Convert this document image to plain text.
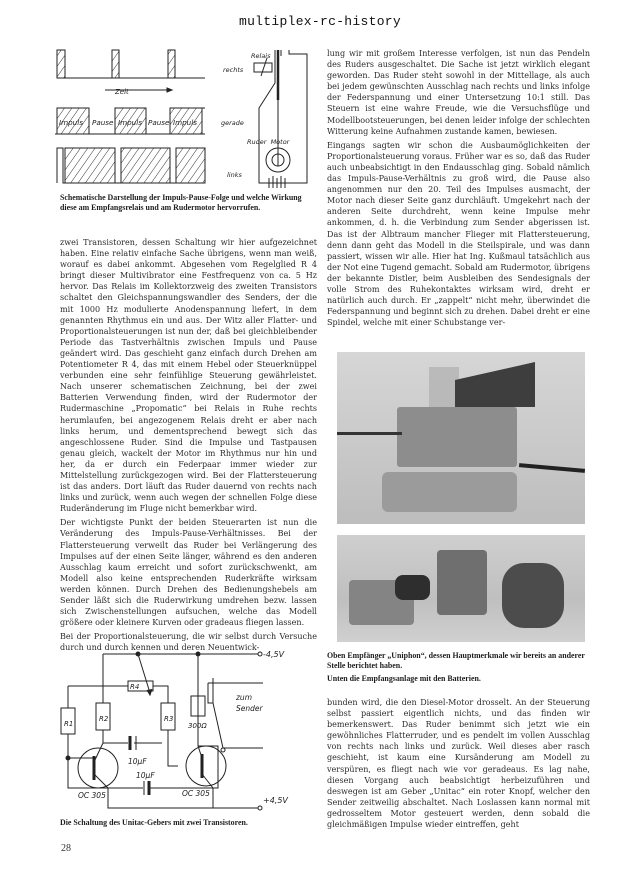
multiplex-rc-history
Zeit
Impuls Pause Impuls Pause Impuls
Relais
rechts
gerade
Ruder  Motor
links

Schematische Darstellung der Impuls-Pause-Folge und welche Wirkung diese am Empfangsrelais und am Rudermotor hervorrufen.

zwei Transistoren, dessen Schaltung wir hier aufgezeichnet haben. Eine relativ einfache Sache übrigens, wenn man weiß, worauf es dabei ankommt. Abgesehen vom Regelglied R 4 bringt dieser Multivibrator eine Festfrequenz von ca. 5 Hz hervor. Das Relais im Kollektorzweig des zweiten Transistors schaltet den Gleichspannungswandler des Senders, der die mit 1000 Hz modulierte Anodenspannung liefert, in dem genannten Rhythmus ein und aus. Der Witz aller Flatter- und Proportionalsteuerungen ist nun der, daß bei gleichbleibender Periode das Tastverhältnis zwischen Impuls und Pause geändert wird. Das geschieht ganz einfach durch Drehen am Potentiometer R 4, das mit einem Hebel oder Steuerknüppel verbunden eine sehr feinfühlige Steuerung gewährleistet. Nach unserer schematischen Zeichnung, bei der zwei Batterien Verwendung finden, wird der Rudermotor der Rudermaschine „Propomatic“ bei Relais in Ruhe rechts herumlaufen, bei angezogenem Relais dreht er aber nach links herum, und dementsprechend bewegt sich das angeschlossene Ruder. Sind die Impulse und Tastpausen genau gleich, wackelt der Motor im Rhythmus nur hin und her, da er durch ein Federpaar immer wieder zur Mittelstellung zurückgezogen wird. Bei der Flattersteuerung ist das anders. Dort läuft das Ruder dauernd von rechts nach links und zurück, wenn auch wegen der schnellen Folge diese Ruderänderung im Fluge nicht bemerkbar wird.

Der wichtigste Punkt der beiden Steuerarten ist nun die Veränderung des Impuls-Pause-Verhältnisses. Bei der Flattersteuerung verweilt das Ruder bei Verlängerung des Impulses auf der einen Seite länger, während es den anderen Ausschlag kaum erreicht und sofort zurückschwenkt, am Modell also keine entsprechenden Ruderkräfte wirksam werden können. Durch Drehen des Bedienungshebels am Sender läßt sich die Ruderwirkung umdrehen bezw. lassen sich Zwischenstellungen aufsuchen, welche das Modell größere oder kleinere Kurven oder gradeaus fliegen lassen.

Bei der Proportionalsteuerung, die wir selbst durch Versuche durch und durch kennen und deren Neuentwick-

-4,5V
+4,5V
R4
R1
R2	R3
10µF
10µF
OC 305	OC 305
300Ω
zum
Sender

Die Schaltung des Unitac-Gebers mit zwei Transistoren.

28

lung wir mit großem Interesse verfolgen, ist nun das Pendeln des Ruders ausgeschaltet. Die Sache ist jetzt wirklich elegant geworden. Das Ruder steht sowohl in der Mittellage, als auch bei jedem gewünschten Ausschlag nach rechts und links infolge der Federspannung und einer Untersetzung 10:1 still. Das Steuern ist eine wahre Freude, wie die Versuchsflüge und Modellbootsteuerungen, bei denen leider infolge der schlechten Witterung keine Aufnahmen zustande kamen, bewiesen.

Eingangs sagten wir schon die Ausbaumöglichkeiten der Proportionalsteuerung voraus. Früher war es so, daß das Ruder auch unbeabsichtigt in den Endausschlag ging. Sobald nämlich das Impuls-Pause-Verhältnis zu groß wird, die Pause also angenommen nur den 20. Teil des Impulses ausmacht, der Motor nach dieser Seite ganz durchläuft. Umgekehrt nach der anderen Seite durchdreht, wenn keine Impulse mehr ankommen, d. h. die Verbindung zum Sender abgerissen ist. Das ist der Albtraum mancher Flieger mit Flattersteuerung, denn dann geht das Modell in die Steilspirale, und was dann passiert, wissen wir alle. Hier hat Ing. Kußmaul tatsächlich aus der Not eine Tugend gemacht. Sobald am Rudermotor, übrigens der bekannte Distler, beim Ausbleiben des Sendesignals der volle Strom des Ruhekontaktes wirksam wird, dreht er natürlich auch durch. Er „zappelt“ nicht mehr, überwindet die Federspannung und beginnt sich zu drehen. Dabei dreht er eine Spindel, welche mit einer Schubstange ver-

Oben Empfänger „Uniphon“, dessen Hauptmerkmale wir bereits an anderer Stelle berichtet haben.

Unten die Empfangsanlage mit den Batterien.

bunden wird, die den Diesel-Motor drosselt. An der Steuerung selbst passiert eigentlich nichts, und das finden wir bemerkenswert. Das Ruder benimmt sich jetzt wie ein gewöhnliches Flatterruder, und es pendelt im vollen Ausschlag von rechts nach links und zurück. Weil dieses aber rasch geschieht, ist kaum eine Kursänderung am Modell zu verspüren, es fliegt nach wie vor geradeaus. Es lag nahe, diesen Vorgang auch beabsichtigt herbeizuführen und deswegen ist am Geber „Unitac“ ein roter Knopf, welcher den Sender zeitweilig abschaltet. Nach Loslassen kann normal mit gedrosseltem Motor gesteuert werden, denn sobald die gleichmäßigen Impulse wieder eintreffen, geht
